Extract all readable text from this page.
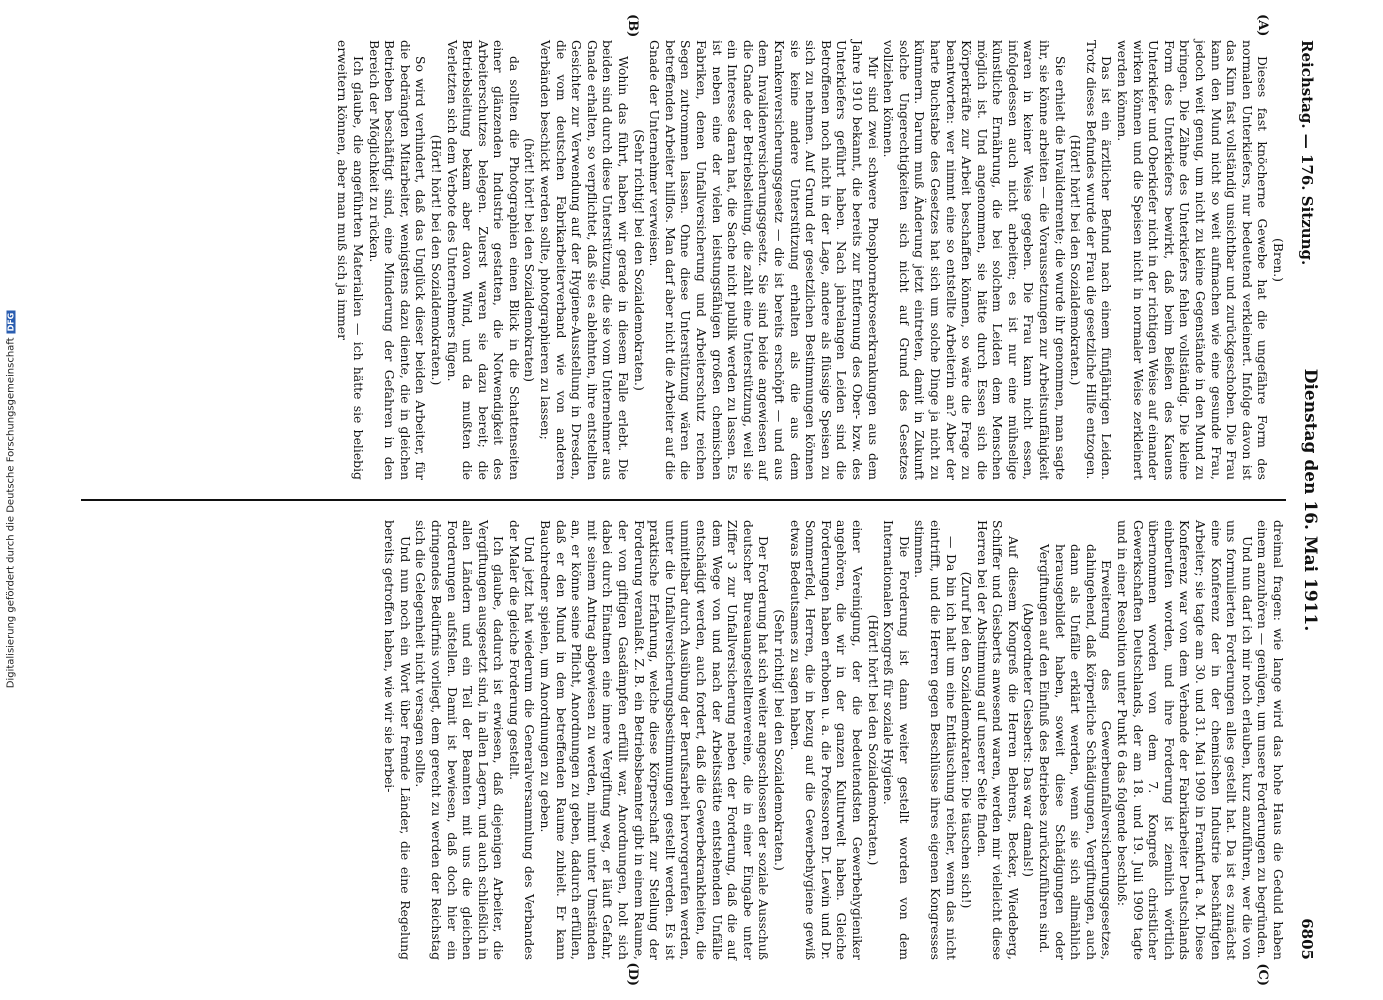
Digitalisierung gefördert durch die Deutsche ForschungsgemeinschaftDFG
Reichstag. — 176. Sitzung.
Dienstag den 16. Mai 1911.
6805
(A)
(B)
(C)
(D)

(Bren.)

Dieses fast knöcherne Gewebe hat die ungefähre Form des normalen Unterkiefers, nur bedeutend verkleinert. Infolge davon ist das Kinn fast vollständig unsichtbar und zurückgeschoben. Die Frau kann den Mund nicht so weit aufmachen wie eine gesunde Frau, jedoch weit genug, um nicht zu kleine Gegenstände in den Mund zu bringen. Die Zähne des Unterkiefers fehlen vollständig. Die kleine Form des Unterkiefers bewirkt, daß beim Beißen des Kauens Unterkiefer und Oberkiefer nicht in der richtigen Weise auf einander wirken können und die Speisen nicht in normaler Weise zerkleinert werden können.

Das ist ein ärztlicher Befund nach einem fünfjährigen Leiden. Trotz dieses Befundes wurde der Frau die gesetzliche Hilfe entzogen.

(Hört! hört! bei den Sozialdemokraten.)

Sie erhielt die Invalidenrente; die wurde ihr genommen, man sagte ihr, sie könne arbeiten — die Voraussetzungen zur Arbeitsunfähigkeit waren in keiner Weise gegeben. Die Frau kann nicht essen, infolgedessen auch nicht arbeiten; es ist nur eine mühselige künstliche Ernährung, die bei solchem Leiden dem Menschen möglich ist. Und angenommen, sie hätte durch Essen sich die Körperkräfte zur Arbeit beschaffen können, so wäre die Frage zu beantworten: wer nimmt eine so entstellte Arbeiterin an? Aber der harte Buchstabe des Gesetzes hat sich um solche Dinge ja nicht zu kümmern. Darum muß Änderung jetzt eintreten, damit in Zukunft solche Ungerechtigkeiten sich nicht auf Grund des Gesetzes vollziehen können.

Mir sind zwei schwere Phosphornekroseerkrankungen aus dem Jahre 1910 bekannt, die bereits zur Entfernung des Ober- bzw. des Unterkiefers geführt haben. Nach jahrelangen Leiden sind die Betroffenen noch nicht in der Lage, andere als flüssige Speisen zu sich zu nehmen. Auf Grund der gesetzlichen Bestimmungen können sie keine andere Unterstützung erhalten als die aus dem Krankenversicherungsgesetz — die ist bereits erschöpft — und aus dem Invalidenversicherungsgesetz. Sie sind beide angewiesen auf die Gnade der Betriebsleitung, die zahlt eine Unterstützung, weil sie ein Interesse daran hat, die Sache nicht publik werden zu lassen. Es ist neben eine der vielen leistungsfähigen großen chemischen Fabriken, denen Unfallversicherung und Arbeiterschutz reichen Segen zutrommen lassen. Ohne diese Unterstützung wären die betreffenden Arbeiter hilflos. Man darf aber nicht die Arbeiter auf die Gnade der Unternehmer verweisen.

(Sehr richtig! bei den Sozialdemokraten.)

Wohin das führt, haben wir gerade in diesem Falle erlebt. Die beiden sind durch diese Unterstützung, die sie vom Unternehmer aus Gnade erhalten, so verpflichtet, daß sie es ablehnten, ihre entstellten Gesichter zur Verwendung auf der Hygiene-Ausstellung in Dresden, die vom deutschen Fabrikarbeiterverband wie von anderen Verbänden beschickt werden sollte, photographieren zu lassen;

(hört! hört! bei den Sozialdemokraten)

da sollten die Photographien einen Blick in die Schattenseiten einer glänzenden Industrie gestatten, die Notwendigkeit des Arbeiterschutzes belegen. Zuerst waren sie dazu bereit; die Betriebsleitung bekam aber davon Wind, und da mußten die Verletzten sich dem Verbote des Unternehmers fügen.

(Hört! hört! bei den Sozialdemokraten.)

So wird verhindert, daß das Unglück dieser beiden Arbeiter, für die bedrängten Mitarbeiter, wenigstens dazu diente, die in gleichen Betrieben beschäftigt sind, eine Minderung der Gefahren in den Bereich der Möglichkeit zu rücken.

Ich glaube, die angeführten Materialien — ich hätte sie beliebig erweitern können, aber man muß sich ja immer

dreimal fragen: wie lange wird das hohe Haus die Geduld haben einem anzuhören — genügen, um unsere Forderungen zu begründen.

Und nun darf ich mir noch erlauben, kurz anzuführen, wer die von uns formulierten Forderungen alles gestellt hat. Da ist es zunächst eine Konferenz der in der chemischen Industrie beschäftigten Arbeiter; sie tagte am 30. und 31. Mai 1909 in Frankfurt a. M. Diese Konferenz war von dem Verbande der Fabrikarbeiter Deutschlands einberufen worden, und ihre Forderung ist ziemlich wörtlich übernommen worden von dem 7. Kongreß christlicher Gewerkschaften Deutschlands, der am 18. und 19. Juli 1909 tagte und in einer Resolution unter Punkt 6 das folgende beschloß:

Erweiterung des Gewerbeunfallversicherungsgesetzes, dahingehend, daß körperliche Schädigungen, Vergiftungen, auch dann als Unfälle erklärt werden, wenn sie sich allmählich herausgebildet haben, soweit diese Schädigungen oder Vergiftungen auf den Einfluß des Betriebes zurückzuführen sind.

(Abgeordneter Giesberts: Das war damals!)

Auf diesem Kongreß die Herren Behrens, Becker, Wiedeberg, Schiffer und Giesberts anwesend waren, werden mir vielleicht diese Herren bei der Abstimmung auf unserer Seite finden.

(Zuruf bei den Sozialdemokraten: Die täuschen sich!)

— Da bin ich halt um eine Enttäuschung reicher, wenn das nicht eintrifft, und die Herren gegen Beschlüsse ihres eigenen Kongresses stimmen.

Die Forderung ist dann weiter gestellt worden von dem Internationalen Kongreß für soziale Hygiene.

(Hört! hört! bei den Sozialdemokraten.)

einer Vereinigung, der die bedeutendsten Gewerbehygieniker angehören, die wir in der ganzen Kulturwelt haben. Gleiche Forderungen haben erhoben u. a. die Professoren Dr. Lewin und Dr. Sommerfeld, Herren, die in bezug auf die Gewerbehygiene gewiß etwas Bedeutsames zu sagen haben.

(Sehr richtig! bei den Sozialdemokraten.)

Der Forderung hat sich weiter angeschlossen der soziale Ausschuß deutscher Bureauangestelltenvereine, die in einer Eingabe unter Ziffer 3 zur Unfallversicherung neben der Forderung, daß die auf dem Wege von und nach der Arbeitsstätte entstehenden Unfälle entschädigt werden, auch fordert, daß die Gewerbekrankheiten, die unmittelbar durch Ausübung der Berufsarbeit hervorgerufen werden, unter die Unfallversicherungsbestimmungen gestellt werden. Es ist praktische Erfahrung, welche diese Körperschaft zur Stellung der Forderung veranlaßt. Z. B. ein Betriebsbeamter gibt in einem Raume, der von giftigen Gasdämpfen erfüllt war, Anordnungen, holt sich dabei durch Einatmen eine innere Vergiftung weg, er läuft Gefahr, mit seinem Antrag abgewiesen zu werden, nimmt unter Umständen an, er könne seine Pflicht, Anordnungen zu geben, dadurch erfüllen, daß er den Mund in dem betreffenden Raume zuhielt. Er kann Bauchredner spielen, um Anordnungen zu geben.

Und jetzt hat wiederum die Generalversammlung des Verbandes der Maler die gleiche Forderung gestellt.

Ich glaube, dadurch ist erwiesen, daß diejenigen Arbeiter, die Vergiftungen ausgesetzt sind, in allen Lagern, und auch schließlich in allen Ländern und ein Teil der Beamten mit uns die gleichen Forderungen aufstellen. Damit ist bewiesen, daß doch hier ein dringendes Bedürfnis vorliegt, dem gerecht zu werden der Reichstag sich die Gelegenheit nicht versagen sollte.

Und nun noch ein Wort über fremde Länder, die eine Regelung bereits getroffen haben, wie wir sie herbei-
